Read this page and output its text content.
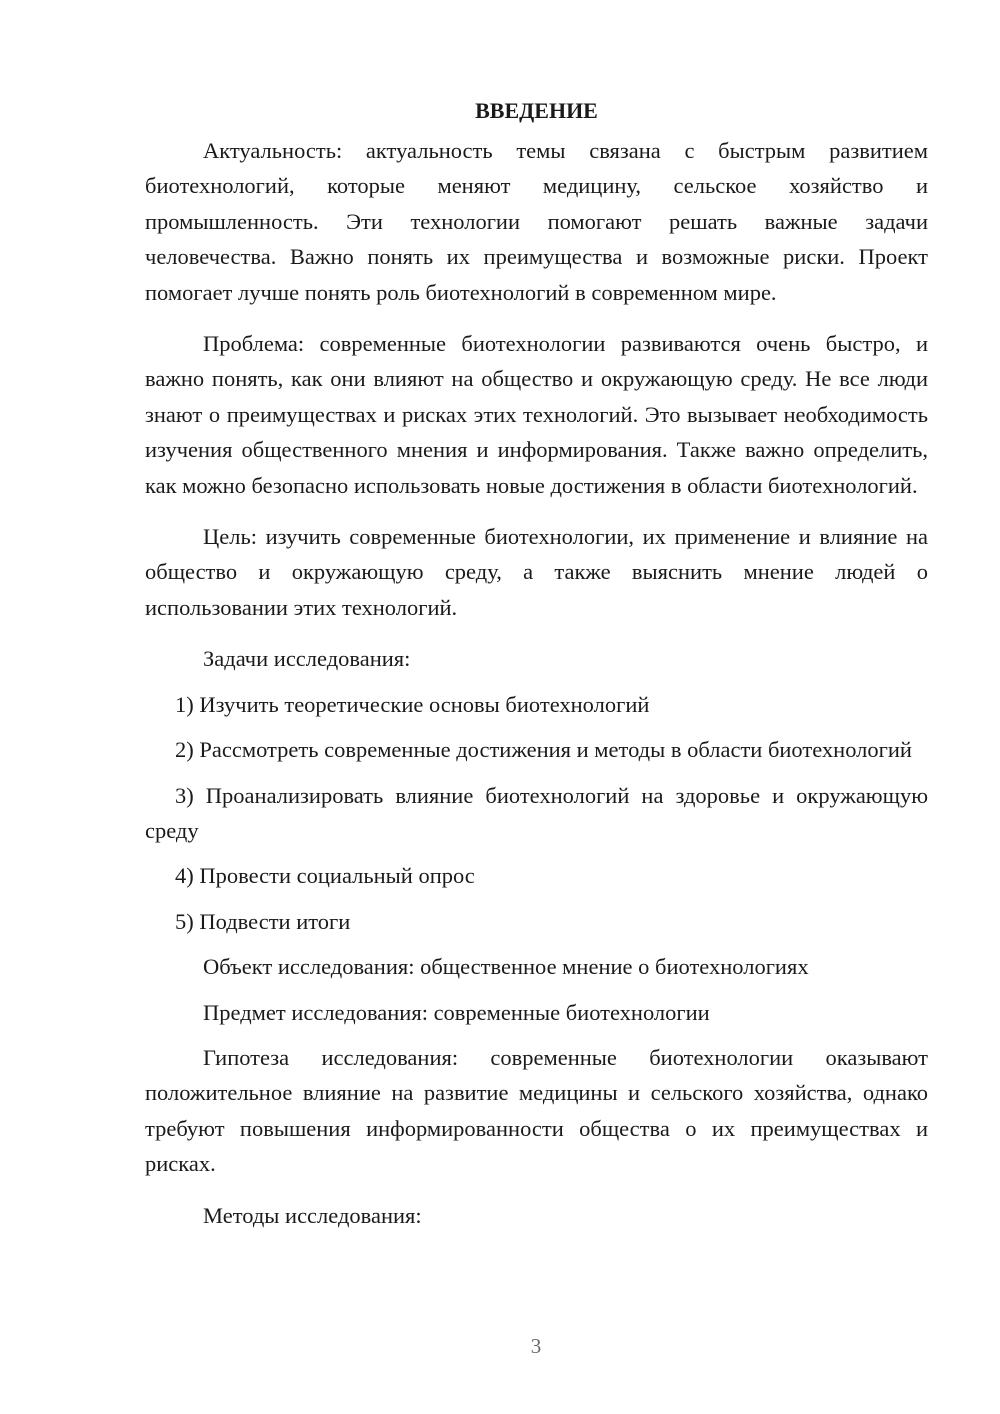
ВВЕДЕНИЕ

Актуальность: актуальность темы связана с быстрым развитием биотехнологий, которые меняют медицину, сельское хозяйство и промышленность. Эти технологии помогают решать важные задачи человечества. Важно понять их преимущества и возможные риски. Проект помогает лучше понять роль биотехнологий в современном мире.

Проблема: современные биотехнологии развиваются очень быстро, и важно понять, как они влияют на общество и окружающую среду. Не все люди знают о преимуществах и рисках этих технологий. Это вызывает необходимость изучения общественного мнения и информирования. Также важно определить, как можно безопасно использовать новые достижения в области биотехнологий.

Цель: изучить современные биотехнологии, их применение и влияние на общество и окружающую среду, а также выяснить мнение людей о использовании этих технологий.

Задачи исследования:

1) Изучить теоретические основы биотехнологий

2) Рассмотреть современные достижения и методы в области биотехнологий

3) Проанализировать влияние биотехнологий на здоровье и окружающую среду

4) Провести социальный опрос

5) Подвести итоги

Объект исследования: общественное мнение о биотехнологиях

Предмет исследования: современные биотехнологии

Гипотеза исследования: современные биотехнологии оказывают положительное влияние на развитие медицины и сельского хозяйства, однако требуют повышения информированности общества о их преимуществах и рисках.

Методы исследования:

3
